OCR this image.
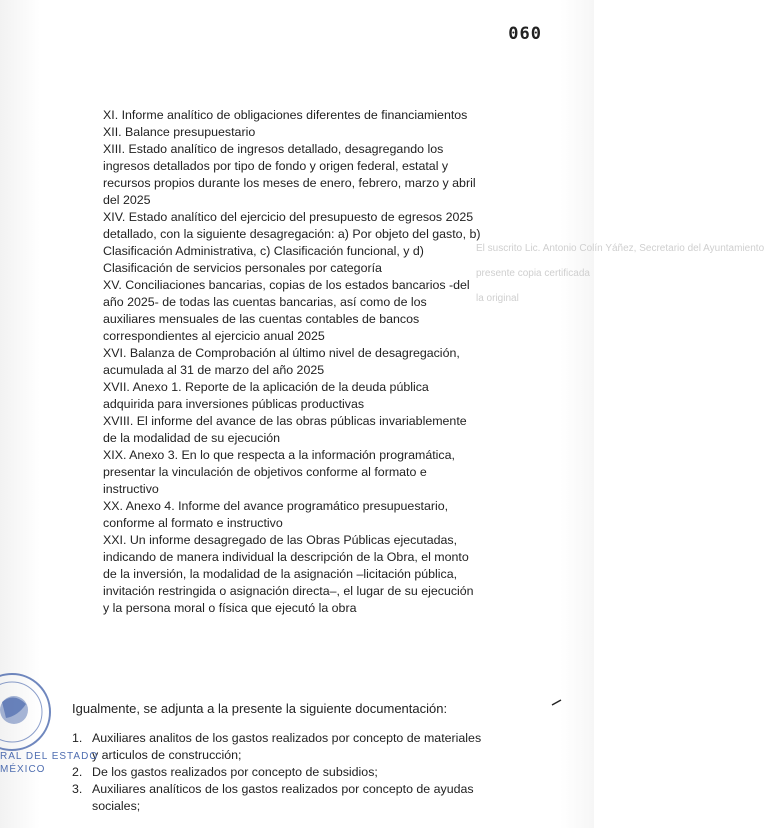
060
El suscrito Lic. Antonio Colín Yáñez, Secretario del Ayuntamiento
presente copia certificada
la original

XI. Informe analítico de obligaciones diferentes de financiamientos

XII. Balance presupuestario

XIII. Estado analítico de ingresos detallado, desagregando los ingresos detallados por tipo de fondo y origen federal, estatal y recursos propios durante los meses de enero, febrero, marzo y abril del 2025

XIV. Estado analítico del ejercicio del presupuesto de egresos 2025 detallado, con la siguiente desagregación: a) Por objeto del gasto, b) Clasificación Administrativa, c) Clasificación funcional, y d) Clasificación de servicios personales por categoría

XV. Conciliaciones bancarias, copias de los estados bancarios -del año 2025- de todas las cuentas bancarias, así como de los auxiliares mensuales de las cuentas contables de bancos correspondientes al ejercicio anual 2025

XVI. Balanza de Comprobación al último nivel de desagregación, acumulada al 31 de marzo del año 2025

XVII. Anexo 1. Reporte de la aplicación de la deuda pública adquirida para inversiones públicas productivas

XVIII. El informe del avance de las obras públicas invariablemente de la modalidad de su ejecución

XIX. Anexo 3. En lo que respecta a la información programática, presentar la vinculación de objetivos conforme al formato e instructivo

XX. Anexo 4. Informe del avance programático presupuestario, conforme al formato e instructivo

XXI. Un informe desagregado de las Obras Públicas ejecutadas, indicando de manera individual la descripción de la Obra, el monto de la inversión, la modalidad de la asignación –licitación pública, invitación restringida o asignación directa–, el lugar de su ejecución y la persona moral o física que ejecutó la obra

Igualmente, se adjunta a la presente la siguiente documentación:

1. Auxiliares analitos de los gastos realizados por concepto de materiales y articulos de construcción;

2. De los gastos realizados por concepto de subsidios;

3. Auxiliares analíticos de los gastos realizados por concepto de ayudas sociales;

RAL DEL ESTADO
MÉXICO
